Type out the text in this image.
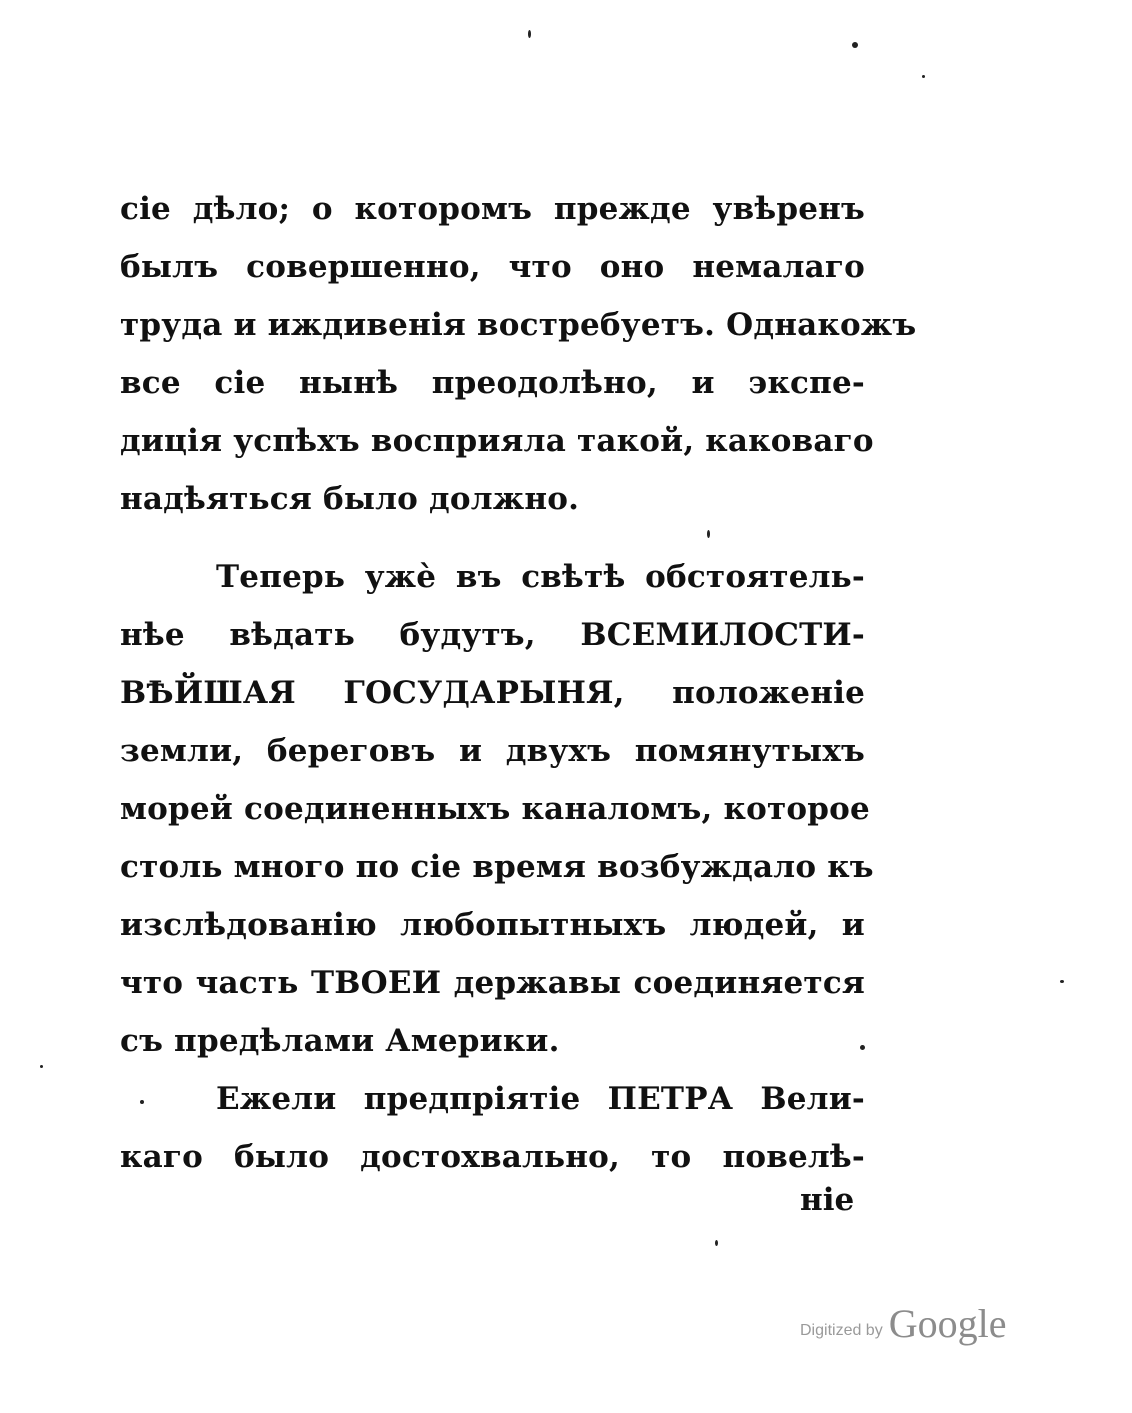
сіе дѣло; о которомъ прежде увѣренъ
былъ совершенно, что оно немалаго
труда и иждивенія востребуетъ. Однакожъ
все сіе нынѣ преодолѣно, и экспе-
диція успѣхъ восприяла такой, каковаго
надѣяться было должно.
Теперь ужѐ въ свѣтѣ обстоятель-
нѣе вѣдать будутъ, ВСЕМИЛОСТИ-
ВѢЙШАЯ ГОСУДАРЫНЯ, положеніе
земли, береговъ и двухъ помянутыхъ
морей соединенныхъ каналомъ, которое
столь много по сіе время возбуждало къ
изслѣдованію любопытныхъ людей, и
что часть ТВОЕИ державы соединяется
съ предѣлами Америки.
Ежели предпріятіе ПЕТРА Вели-
каго было достохвально, то повелѣ-
ніе
Digitized by Google
